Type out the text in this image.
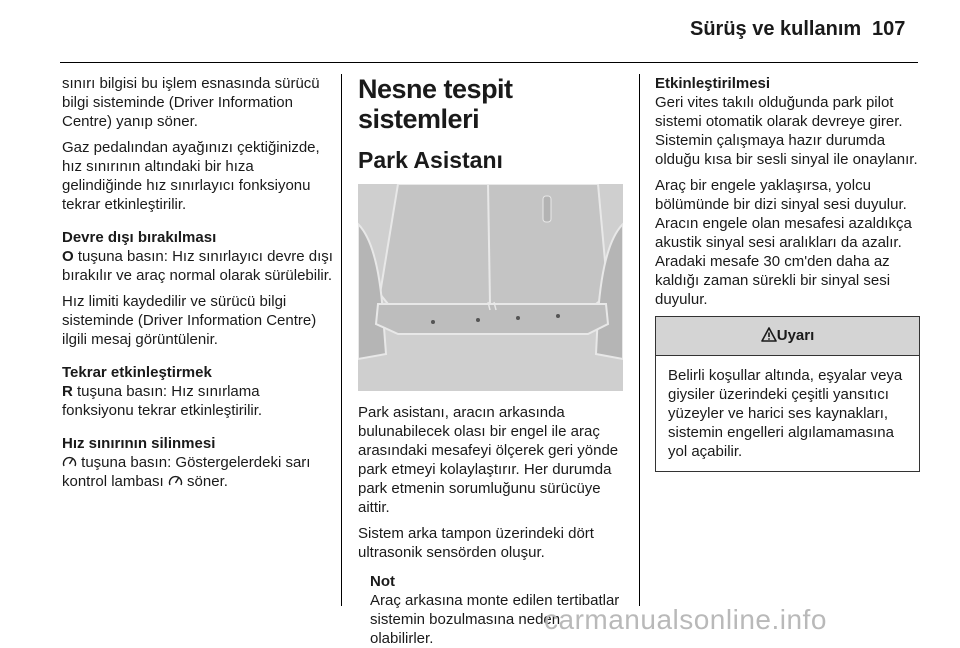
Sürüş ve kullanım 107

sınırı bilgisi bu işlem esnasında sürücü bilgi sisteminde (Driver Information Centre) yanıp söner.

Gaz pedalından ayağınızı çektiğinizde, hız sınırının altındaki bir hıza gelindiğinde hız sınırlayıcı fonksiyonu tekrar etkinleştirilir.

Devre dışı bırakılması

O tuşuna basın: Hız sınırlayıcı devre dışı bırakılır ve araç normal olarak sürülebilir.

Hız limiti kaydedilir ve sürücü bilgi sisteminde (Driver Information Centre) ilgili mesaj görüntülenir.

Tekrar etkinleştirmek

R tuşuna basın: Hız sınırlama fonksiyonu tekrar etkinleştirilir.

Hız sınırının silinmesi

tuşuna basın: Göstergelerdeki sarı kontrol lambası  söner.

Nesne tespit sistemleri
Park Asistanı

Park asistanı, aracın arkasında bulunabilecek olası bir engel ile araç arasındaki mesafeyi ölçerek geri yönde park etmeyi kolaylaştırır. Her durumda park etmenin sorumluğunu sürücüye aittir.

Sistem arka tampon üzerindeki dört ultrasonik sensörden oluşur.

Not
Araç arkasına monte edilen tertibatlar sistemin bozulmasına neden olabilirler.
Etkinleştirilmesi

Geri vites takılı olduğunda park pilot sistemi otomatik olarak devreye girer. Sistemin çalışmaya hazır durumda olduğu kısa bir sesli sinyal ile onaylanır.

Araç bir engele yaklaşırsa, yolcu bölümünde bir dizi sinyal sesi duyulur. Aracın engele olan mesafesi azaldıkça akustik sinyal sesi aralıkları da azalır. Aradaki mesafe 30 cm'den daha az kaldığı zaman sürekli bir sinyal sesi duyulur.

Uyarı
Belirli koşullar altında, eşyalar veya giysiler üzerindeki çeşitli yansıtıcı yüzeyler ve harici ses kaynakları, sistemin engelleri algılamamasına yol açabilir.
carmanualsonline.info
